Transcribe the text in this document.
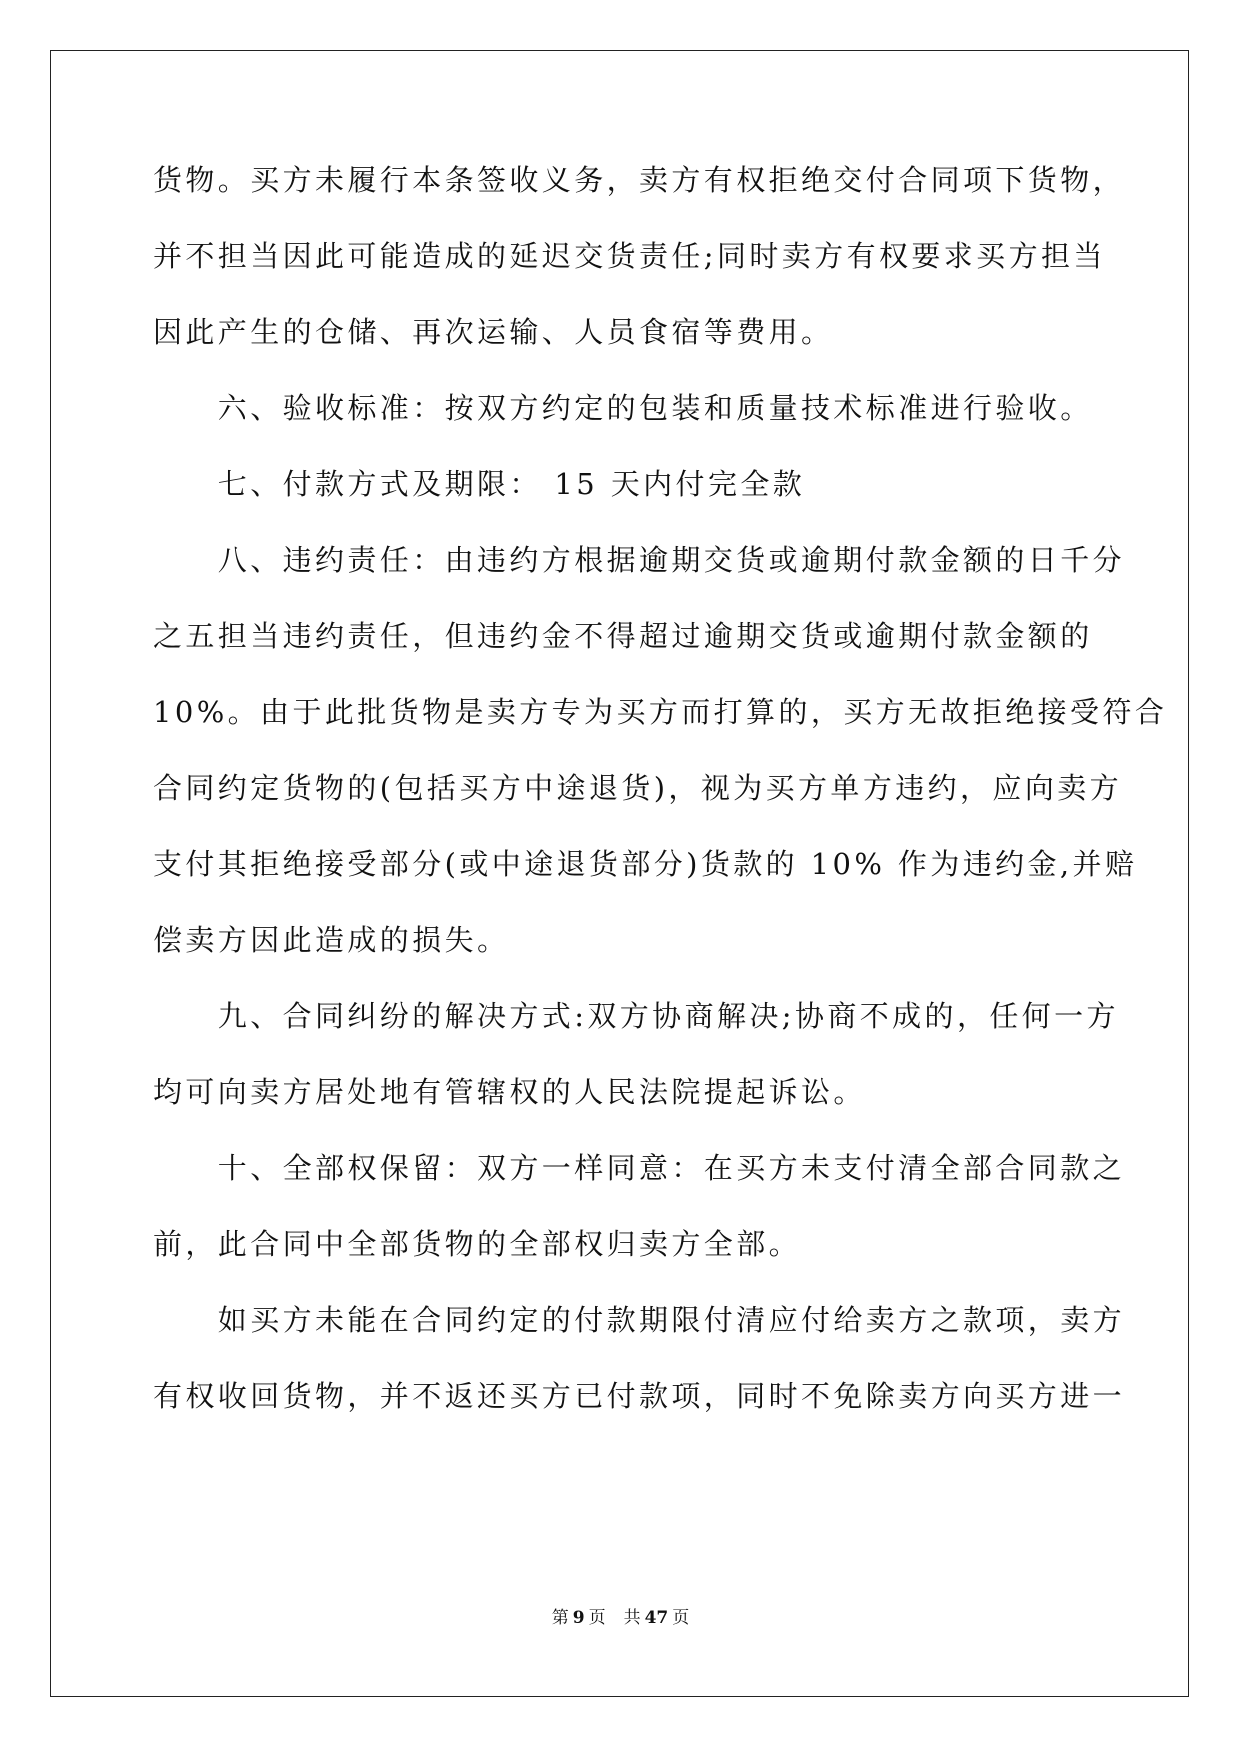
货物。买方未履行本条签收义务，卖方有权拒绝交付合同项下货物，
并不担当因此可能造成的延迟交货责任;同时卖方有权要求买方担当
因此产生的仓储、再次运输、人员食宿等费用。
　　六、验收标准：按双方约定的包装和质量技术标准进行验收。
　　七、付款方式及期限： 15 天内付完全款
　　八、违约责任：由违约方根据逾期交货或逾期付款金额的日千分
之五担当违约责任，但违约金不得超过逾期交货或逾期付款金额的
10%。由于此批货物是卖方专为买方而打算的，买方无故拒绝接受符合
合同约定货物的(包括买方中途退货)，视为买方单方违约，应向卖方
支付其拒绝接受部分(或中途退货部分)货款的 10% 作为违约金,并赔
偿卖方因此造成的损失。
　　九、合同纠纷的解决方式:双方协商解决;协商不成的，任何一方
均可向卖方居处地有管辖权的人民法院提起诉讼。
　　十、全部权保留：双方一样同意：在买方未支付清全部合同款之
前，此合同中全部货物的全部权归卖方全部。
　　如买方未能在合同约定的付款期限付清应付给卖方之款项，卖方
有权收回货物，并不返还买方已付款项，同时不免除卖方向买方进一
第 9 页 共 47 页
